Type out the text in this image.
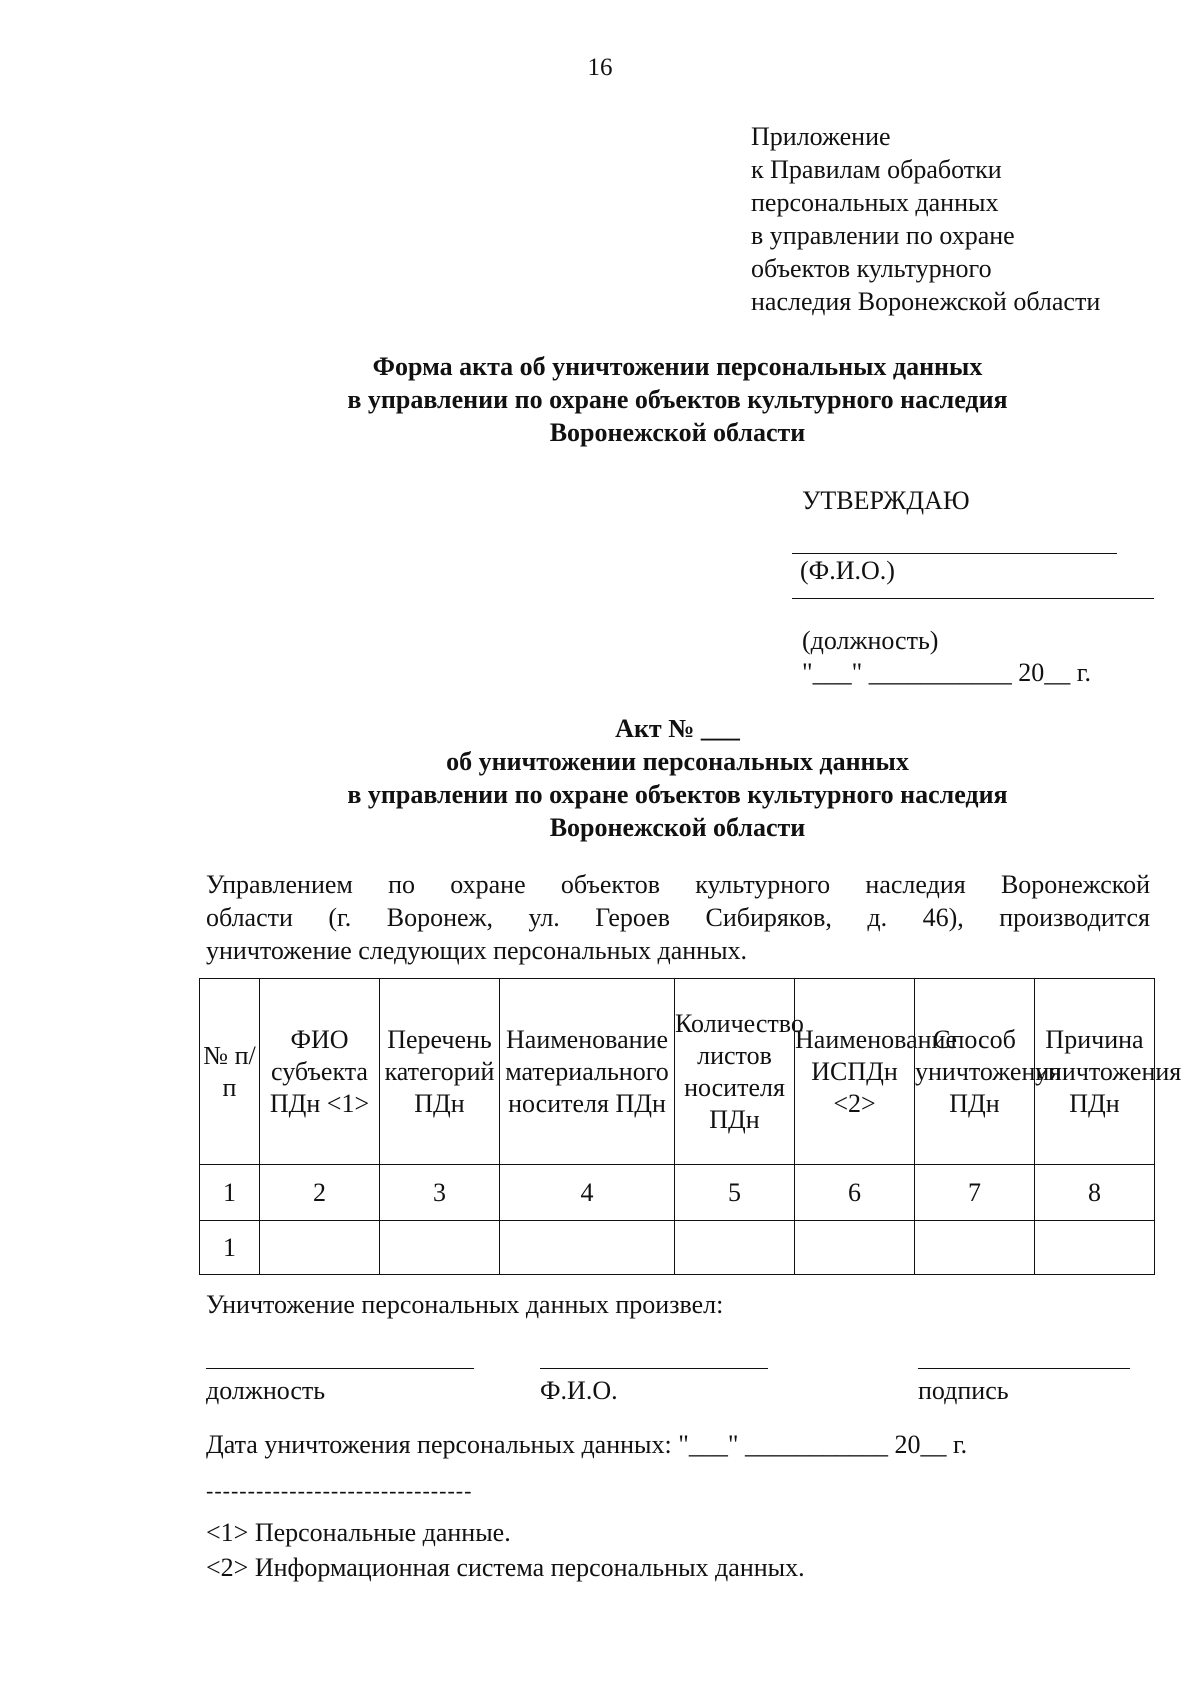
16
Приложение
к Правилам обработки
персональных данных
в управлении по охране
объектов культурного
наследия Воронежской области
Форма акта об уничтожении персональных данных
в управлении по охране объектов культурного наследия
Воронежской области
УТВЕРЖДАЮ
(Ф.И.О.)
(должность)
"___" ___________ 20__ г.
Акт № ___
об уничтожении персональных данных
в управлении по охране объектов культурного наследия
Воронежской области
Управлением по охране объектов культурного наследия Воронежской
области (г. Воронеж, ул. Героев Сибиряков, д. 46), производится
уничтожение следующих персональных данных.
№ п/п	ФИО субъекта ПДн <1>	Перечень категорий ПДн	Наименование материального носителя ПДн	Количество листов носителя ПДн	Наименование ИСПДн <2>	Способ уничтожения ПДн	Причина уничтожения ПДн
1	2	3	4	5	6	7	8
1							
Уничтожение персональных данных произвел:
должность	Ф.И.О.	подпись
Дата уничтожения персональных данных: "___" ___________ 20__ г.
--------------------------------
<1> Персональные данные.
<2> Информационная система персональных данных.
